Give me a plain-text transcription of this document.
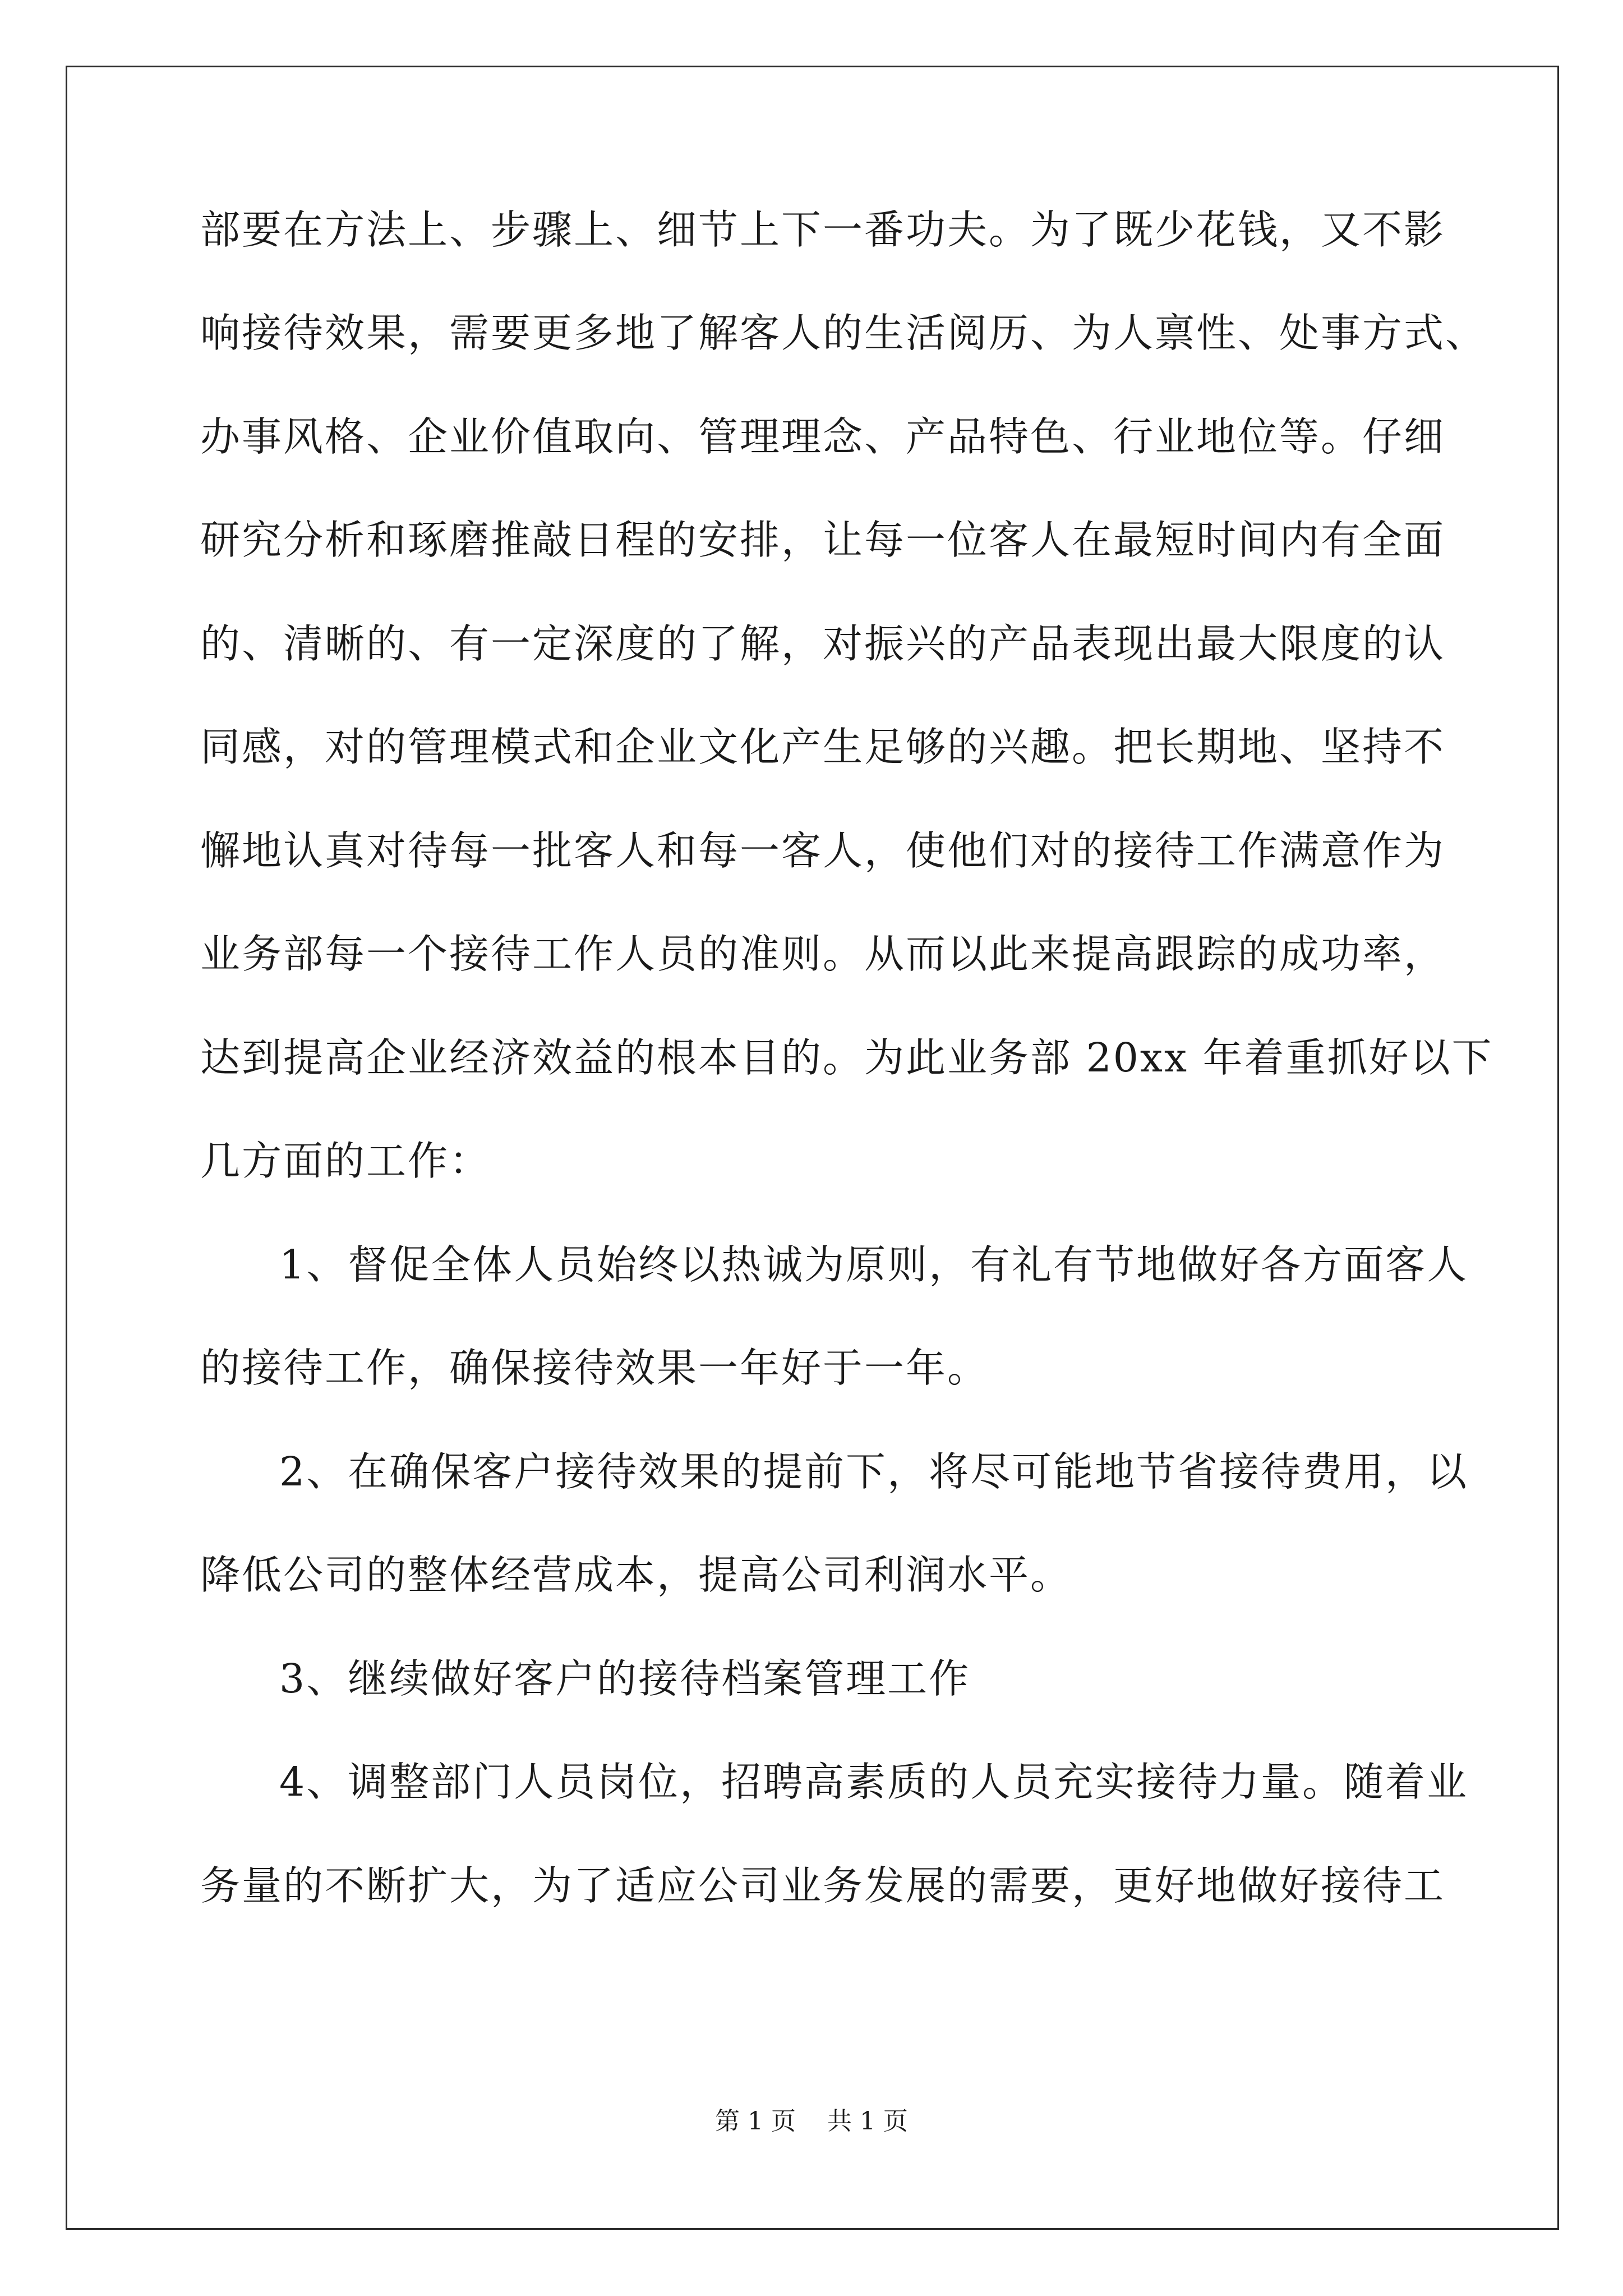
部要在方法上、步骤上、细节上下一番功夫。为了既少花钱，又不影
响接待效果，需要更多地了解客人的生活阅历、为人禀性、处事方式、
办事风格、企业价值取向、管理理念、产品特色、行业地位等。仔细
研究分析和琢磨推敲日程的安排，让每一位客人在最短时间内有全面
的、清晰的、有一定深度的了解，对振兴的产品表现出最大限度的认
同感，对的管理模式和企业文化产生足够的兴趣。把长期地、坚持不
懈地认真对待每一批客人和每一客人，使他们对的接待工作满意作为
业务部每一个接待工作人员的准则。从而以此来提高跟踪的成功率，
达到提高企业经济效益的根本目的。为此业务部 20xx 年着重抓好以下
几方面的工作：
1、督促全体人员始终以热诚为原则，有礼有节地做好各方面客人
的接待工作，确保接待效果一年好于一年。
2、在确保客户接待效果的提前下，将尽可能地节省接待费用，以
降低公司的整体经营成本，提高公司利润水平。
3、继续做好客户的接待档案管理工作
4、调整部门人员岗位，招聘高素质的人员充实接待力量。随着业
务量的不断扩大，为了适应公司业务发展的需要，更好地做好接待工
第 1 页    共 1 页
